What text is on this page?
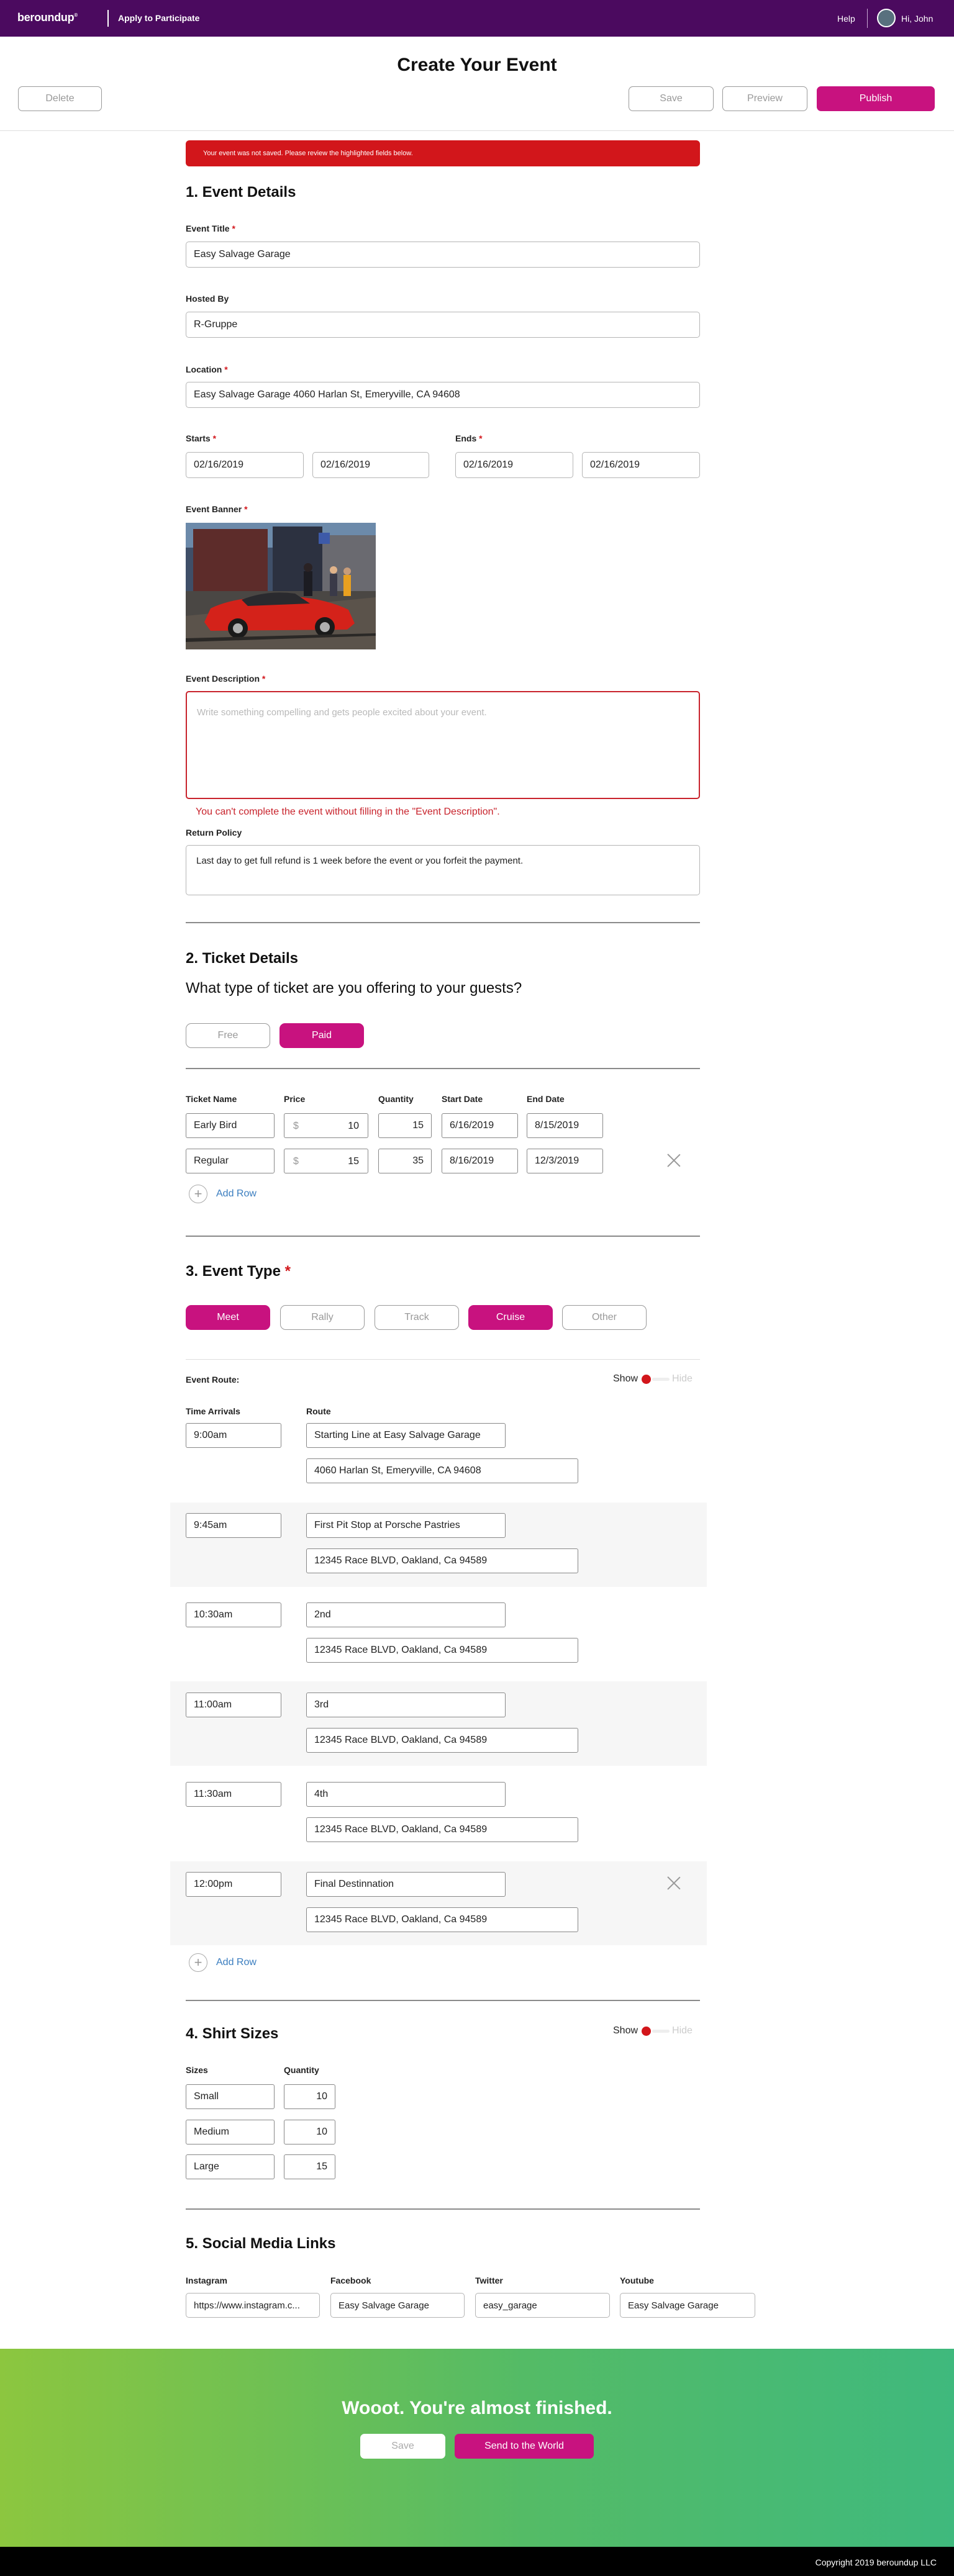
beroundup®	Apply to Participate	Help	Hi, John
Create Your Event
Delete	Save	Preview	Publish
Your event was not saved. Please review the highlighted fields below.
1. Event Details
Event Title *
Easy Salvage Garage
Hosted By
R-Gruppe
Location *
Easy Salvage Garage 4060 Harlan St, Emeryville, CA 94608
Starts *
02/16/2019	02/16/2019
Ends *
02/16/2019	02/16/2019
Event Banner *
Event Description *
Write something compelling and gets people excited about your event.
You can't complete the event without filling in the "Event Description".
Return Policy
Last day to get full refund is 1 week before the event or you forfeit the payment.
2. Ticket Details
What type of ticket are you offering to your guests?
Free	Paid
Ticket Name	Price	Quantity	Start Date	End Date
Early Bird	$	10	15	6/16/2019	8/15/2019
Regular	$	15	35	8/16/2019	12/3/2019
+	Add Row
3. Event Type *
Meet	Rally	Track	Cruise	Other
Event Route:	Show	Hide
Time Arrivals	Route
9:00am	Starting Line at Easy Salvage Garage
4060 Harlan St, Emeryville, CA 94608
9:45am	First Pit Stop at Porsche Pastries
12345 Race BLVD, Oakland, Ca 94589
10:30am	2nd
12345 Race BLVD, Oakland, Ca 94589
11:00am	3rd
12345 Race BLVD, Oakland, Ca 94589
11:30am	4th
12345 Race BLVD, Oakland, Ca 94589
12:00pm	Final Destinnation
12345 Race BLVD, Oakland, Ca 94589
+	Add Row
4. Shirt Sizes	Show	Hide
Sizes	Quantity
Small	10
Medium	10
Large	15
5. Social Media Links
Instagram
https://www.instagram.c...
Facebook
Easy Salvage Garage
Twitter
easy_garage
Youtube
Easy Salvage Garage
Wooot. You're almost finished.
Save	Send to the World
Copyright 2019 beroundup LLC
